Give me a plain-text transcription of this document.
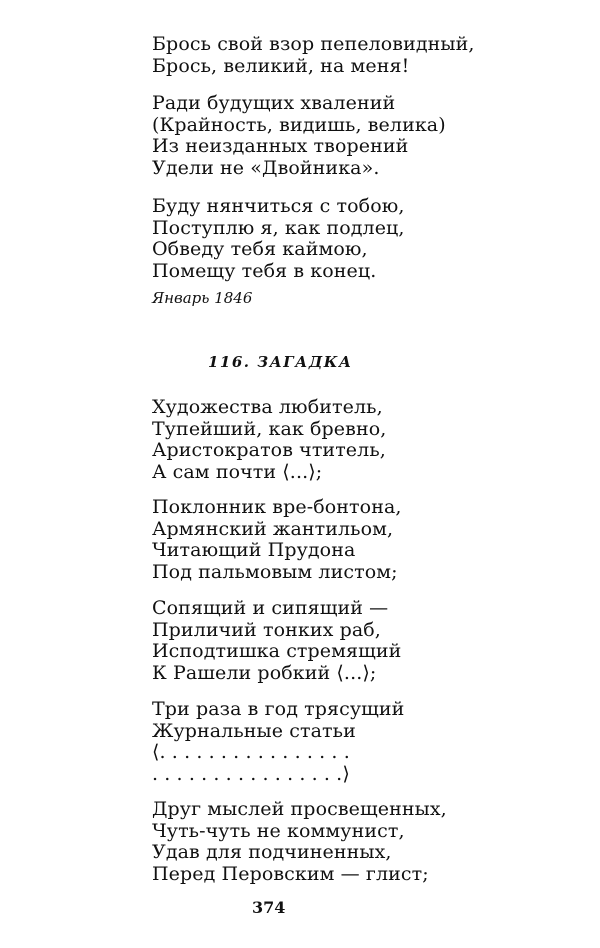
Брось свой взор пепеловидный,
Брось, великий, на меня!
Ради будущих хвалений
(Крайность, видишь, велика)
Из неизданных творений
Удели не «Двойника».
Буду нянчиться с тобою,
Поступлю я, как подлец,
Обведу тебя каймою,
Помещу тебя в конец.
Январь 1846
116. ЗАГАДКА
Художества любитель,
Тупейший, как бревно,
Аристократов чтитель,
А сам почти ⟨...⟩;
Поклонник вре-бонтона,
Армянский жантильом,
Читающий Прудона
Под пальмовым листом;
Сопящий и сипящий —
Приличий тонких раб,
Исподтишка стремящий
К Рашели робкий ⟨...⟩;
Три раза в год трясущий
Журнальные статьи
⟨. . . . . . . . . . . . . . . .
. . . . . . . . . . . . . . . .⟩
Друг мыслей просвещенных,
Чуть-чуть не коммунист,
Удав для подчиненных,
Перед Перовским — глист;
374
